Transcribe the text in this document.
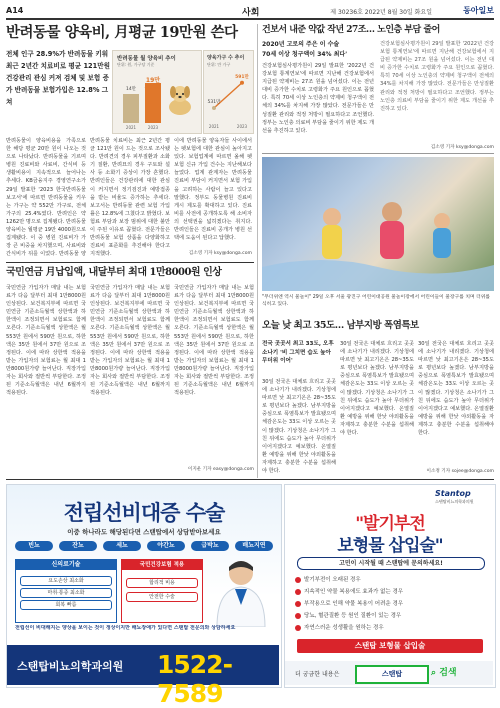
A14	사회	제 30236호 2022년 8월 30일 화요일	동아일보
반려동물 양육비, 月평균 19만원 쓴다
전체 인구 28.9%가 반려동물 키워 최근 2년간 치료비로 평균 121만원 건강관리 관심 커져 검체 및 보험 증가 반려동물 보험가입은 12.8% 그쳐
반려동물 월 양육비 추이
단위: 원, 가구당 기준
14만
19만4000
2021	2023
양육가구 수 추이
단위: 만 가구
531만
591만
2021	2023
반려동물이 양육비용을 가족으로 한 해당 평균 20만 원이 나오는 것으로 나타났다. 반려동물을 기르며 병원 진료비와 사료비, 간식비 등 생활비용이 지속적으로 늘어나는 추세다. KB금융지주 경영연구소가 29일 발표한 '2023 한국반려동물보고서'에 따르면 반려동물을 키우는 가구는 약 552만 가구로, 전체 가구의 25.4%였다. 반려인은 약 1262만 명으로 집계됐다. 반려동물 양육비는 월평균 19만 4000원으로 집계됐다. 이 중 병원 진료비가 가장 큰 비중을 차지했으며, 사료비와 간식비가 뒤를 이었다. 반려동물 양
반려동물 치료비는 최근 2년간 평균 121만 원이 드는 것으로 조사됐다. 반려견의 경우 피부질환과 소화기 질환, 반려묘의 경우 구토와 설사 등 소화기 증상이 가장 흔했다. 반려인들은 건강관리에 대한 관심이 커지면서 정기검진과 예방접종을 받는 비율도 증가하는 추세다. 보고서는 반려동물 관련 보험 가입률은 12.8%에 그쳤다고 밝혔다. 보험료 부담과 보장 범위에 대한 불만이 주된 이유로 꼽혔다. 전문가들은 반려동물 보험 상품을 다양화하고 진료비 표준화를 추진해야 한다고 지적했다.
이에 반려동물 양육자들 사이에서는 펫보험에 대한 관심이 높아지고 있다. 보험업계에 따르면 올해 펫보험 신규 가입 건수는 지난해보다 늘었다. 업계 관계자는 반려동물 진료비 부담이 커지면서 보험 가입을 고려하는 사람이 늘고 있다고 말했다. 정부도 동물병원 진료비 게시 제도를 확대하고 있다. 진료비를 사전에 공개하도록 해 소비자의 선택권을 넓히겠다는 취지다. 반려인들은 진료비 공개가 병원 선택에 도움이 된다고 답했다.
김소영 기자 ksy@donga.com
건보서 내준 약값 작년 27조… 노인층 부담 줄어
2020년 고로의 주은 이 수술
70세 이상 청구액이 34% 최다'
건강보험심사평가원이 29일 발표한 '2022년 건강보험 통계연보'에 따르면 지난해 건강보험에서 지급된 약제비는 27조 원을 넘어섰다. 이는 전년 대비 증가한 수치로 고령화가 주요 원인으로 꼽혔다. 특히 70세 이상 노인층의 약제비 청구액이 전체의 34%를 차지해 가장 많았다. 전문가들은 만성질환 관리와 적정 처방이 필요하다고 조언했다. 정부는 노인층 의료비 부담을 줄이기 위한 제도 개선을 추진하고 있다.
건강보험심사평가원이 29일 발표한 '2022년 건강보험 통계연보'에 따르면 지난해 건강보험에서 지급된 약제비는 27조 원을 넘어섰다. 이는 전년 대비 증가한 수치로 고령화가 주요 원인으로 꼽혔다. 특히 70세 이상 노인층의 약제비 청구액이 전체의 34%를 차지해 가장 많았다. 전문가들은 만성질환 관리와 적정 처방이 필요하다고 조언했다. 정부는 노인층 의료비 부담을 줄이기 위한 제도 개선을 추진하고 있다.
김소영 기자 ksy@donga.com
"무더위엔 역시 물놀이" 29일 오후 서울 광진구 어린이대공원 물놀이장에서 어린이들이 물장구를 치며 더위를 식히고 있다.
오늘 낮 최고 35도… 남부지방 폭염특보
전국 곳곳서 최고 33도, 오후 소나기 '비 그치면 습도 높아 무더위 이어'
30일 전국은 대체로 흐리고 곳곳에 소나기가 내리겠다. 기상청에 따르면 낮 최고기온은 28~35도로 평년보다 높겠다. 남부지방을 중심으로 폭염특보가 발효됐으며 체감온도는 33도 이상 오르는 곳이 많겠다. 기상청은 소나기가 그친 뒤에도 습도가 높아 무더위가 이어지겠다고 예보했다. 온열질환 예방을 위해 한낮 야외활동을 자제하고 충분한 수분을 섭취해야 한다.
30일 전국은 대체로 흐리고 곳곳에 소나기가 내리겠다. 기상청에 따르면 낮 최고기온은 28~35도로 평년보다 높겠다. 남부지방을 중심으로 폭염특보가 발효됐으며 체감온도는 33도 이상 오르는 곳이 많겠다. 기상청은 소나기가 그친 뒤에도 습도가 높아 무더위가 이어지겠다고 예보했다. 온열질환 예방을 위해 한낮 야외활동을 자제하고 충분한 수분을 섭취해야 한다.
30일 전국은 대체로 흐리고 곳곳에 소나기가 내리겠다. 기상청에 따르면 낮 최고기온은 28~35도로 평년보다 높겠다. 남부지방을 중심으로 폭염특보가 발효됐으며 체감온도는 33도 이상 오르는 곳이 많겠다. 기상청은 소나기가 그친 뒤에도 습도가 높아 무더위가 이어지겠다고 예보했다. 온열질환 예방을 위해 한낮 야외활동을 자제하고 충분한 수분을 섭취해야 한다.
이소정 기자 sojee@donga.com
국민연금 月납입액, 내달부터 최대 1만8000원 인상
국민연금 가입자가 매달 내는 보험료가 다음 달부터 최대 1만8000원 인상된다. 보건복지부에 따르면 국민연금 기준소득월액 상한액과 하한액이 조정되면서 보험료도 함께 오른다. 기준소득월액 상한액은 월 553만 원에서 590만 원으로, 하한액은 35만 원에서 37만 원으로 조정된다. 이에 따라 상한액 적용을 받는 가입자의 보험료는 월 최대 1만8000원가량 늘어난다. 직장가입자는 회사와 절반씩 부담한다. 조정된 기준소득월액은 내년 6월까지 적용된다.
국민연금 가입자가 매달 내는 보험료가 다음 달부터 최대 1만8000원 인상된다. 보건복지부에 따르면 국민연금 기준소득월액 상한액과 하한액이 조정되면서 보험료도 함께 오른다. 기준소득월액 상한액은 월 553만 원에서 590만 원으로, 하한액은 35만 원에서 37만 원으로 조정된다. 이에 따라 상한액 적용을 받는 가입자의 보험료는 월 최대 1만8000원가량 늘어난다. 직장가입자는 회사와 절반씩 부담한다. 조정된 기준소득월액은 내년 6월까지 적용된다.
국민연금 가입자가 매달 내는 보험료가 다음 달부터 최대 1만8000원 인상된다. 보건복지부에 따르면 국민연금 기준소득월액 상한액과 하한액이 조정되면서 보험료도 함께 오른다. 기준소득월액 상한액은 월 553만 원에서 590만 원으로, 하한액은 35만 원에서 37만 원으로 조정된다. 이에 따라 상한액 적용을 받는 가입자의 보험료는 월 최대 1만8000원가량 늘어난다. 직장가입자는 회사와 절반씩 부담한다. 조정된 기준소득월액은 내년 6월까지 적용된다.
이지운 기자 easy@donga.com
전립선비대증 수술
이중 하나라도 해당된다면 스탠탑에서 상담받아보세요
빈뇨	잔뇨	세뇨	야간뇨	급박뇨	배뇨지연
신의료기술
요도손상 최소화
마취·통증 최소화
회복 빠름
국민건강보험 적용
합리적 비용
안전한 수술
전립선이 비대해지는 양상을 보이는 것이 정상이지만 배뇨장애가 있다면 스탠탑 전문의와 상담하세요
스탠탑비뇨의학과의원 1522-7589
Stantop
스탠탑비뇨의학과의원
"발기부전
보형물 삽입술"
고민이 시작될 때 스탠탑에 문의하세요!
발기부전이 오래된 경우
지속적인 약물 복용에도 효과가 없는 경우
부작용으로 인해 약물 복용이 어려운 경우
당뇨, 혈관질환 등 원인 질환이 있는 경우
자연스러운 성생활을 원하는 경우
스탠탑 보형물 삽입술
더 궁금한 내용은	스탠탑	⌕ 검색
